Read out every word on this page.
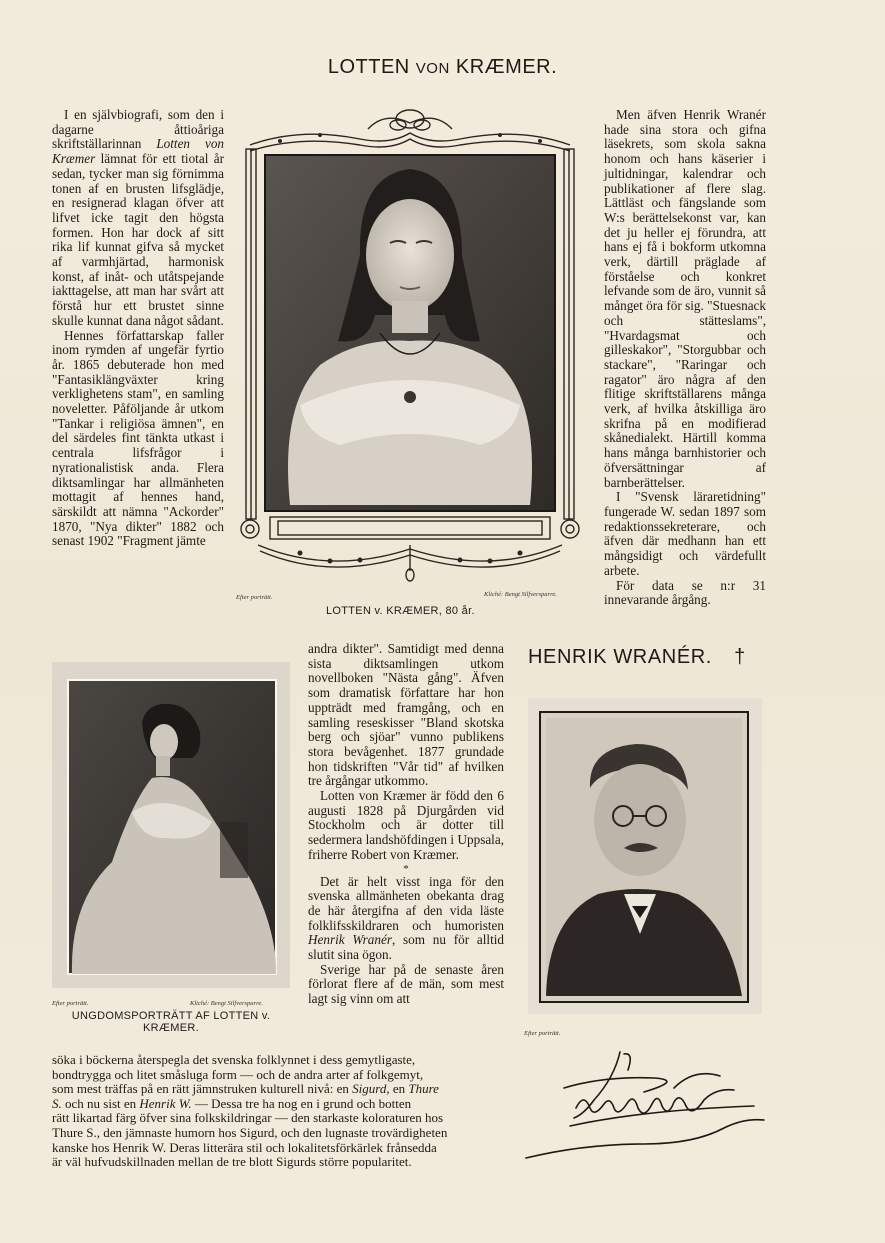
LOTTEN VON KRÆMER.

I en självbiografi, som den i dagarne åttioåriga skriftställarinnan Lotten von Kræmer lämnat för ett tiotal år sedan, tycker man sig förnimma tonen af en brusten lifsglädje, en resignerad klagan öfver att lifvet icke tagit den högsta formen. Hon har dock af sitt rika lif kunnat gifva så mycket af varmhjärtad, harmonisk konst, af inåt- och utåtspejande iakttagelse, att man har svårt att förstå hur ett brustet sinne skulle kunnat dana något sådant.

Hennes författarskap faller inom rymden af ungefär fyrtio år. 1865 debuterade hon med "Fantasiklängväxter kring verklighetens stam", en samling noveletter. Påföljande år utkom "Tankar i religiösa ämnen", en del särdeles fint tänkta utkast i centrala lifsfrågor i nyrationalistisk anda. Flera diktsamlingar har allmänheten mottagit af hennes hand, särskildt att nämna "Ackorder" 1870, "Nya dikter" 1882 och senast 1902 "Fragment jämte

Efter porträtt.	Kliché: Bengt Silfversparre.
LOTTEN v. KRÆMER, 80 år.

Men äfven Henrik Wranér hade sina stora och gifna läsekrets, som skola sakna honom och hans käserier i jultidningar, kalendrar och publikationer af flere slag. Lättläst och fängslande som W:s berättelsekonst var, kan det ju heller ej förundra, att hans ej få i bokform utkomna verk, därtill präglade af förståelse och konkret lefvande som de äro, vunnit så månget öra för sig. "Stuesnack och stätteslams", "Hvardagsmat och gilleskakor", "Storgubbar och stackare", "Raringar och ragator" äro några af den flitige skriftställarens många verk, af hvilka åtskilliga äro skrifna på en modifierad skånedialekt. Härtill komma hans många barnhistorier och öfversättningar af barnberättelser.

I "Svensk läraretidning" fungerade W. sedan 1897 som redaktionssekreterare, och äfven där medhann han ett mångsidigt och värdefullt arbete.

För data se n:r 31 innevarande årgång.

Efter porträtt.	Kliché: Bengt Silfversparre.
UNGDOMSPORTRÄTT AF LOTTEN v.
KRÆMER.

andra dikter". Samtidigt med denna sista diktsamlingen utkom novellboken "Nästa gång". Äfven som dramatisk författare har hon uppträdt med framgång, och en samling reseskisser "Bland skotska berg och sjöar" vunno publikens stora bevågenhet. 1877 grundade hon tidskriften "Vår tid" af hvilken tre årgångar utkommo.

Lotten von Kræmer är född den 6 augusti 1828 på Djurgården vid Stockholm och är dotter till sedermera landshöfdingen i Uppsala, friherre Robert von Kræmer.

*

Det är helt visst inga för den svenska allmänheten obekanta drag de här återgifna af den vida lästе folklifsskildraren och humoristen Henrik Wranér, som nu för alltid slutit sina ögon.

Sverige har på de senaste åren förlorat flere af de män, som mest lagt sig vinn om att

HENRIK WRANÉR. †
Efter porträtt.
söka i böckerna återspegla det svenska folklynnet i dess gemytligaste,
bondtrygga och litet småsluga form — och de andra arter af folkgemyt,
som mest träffas på en rätt jämnstruken kulturell nivå: en Sigurd, en Thure
S. och nu sist en Henrik W. — Dessa tre ha nog en i grund och botten
rätt likartad färg öfver sina folkskildringar — den starkaste koloraturen hos
Thure S., den jämnaste humorn hos Sigurd, och den lugnaste trovärdigheten
kanske hos Henrik W. Deras litterära stil och lokalitetsförkärlek frånsedda
är väl hufvudskillnaden mellan de tre blott Sigurds större popularitet.
